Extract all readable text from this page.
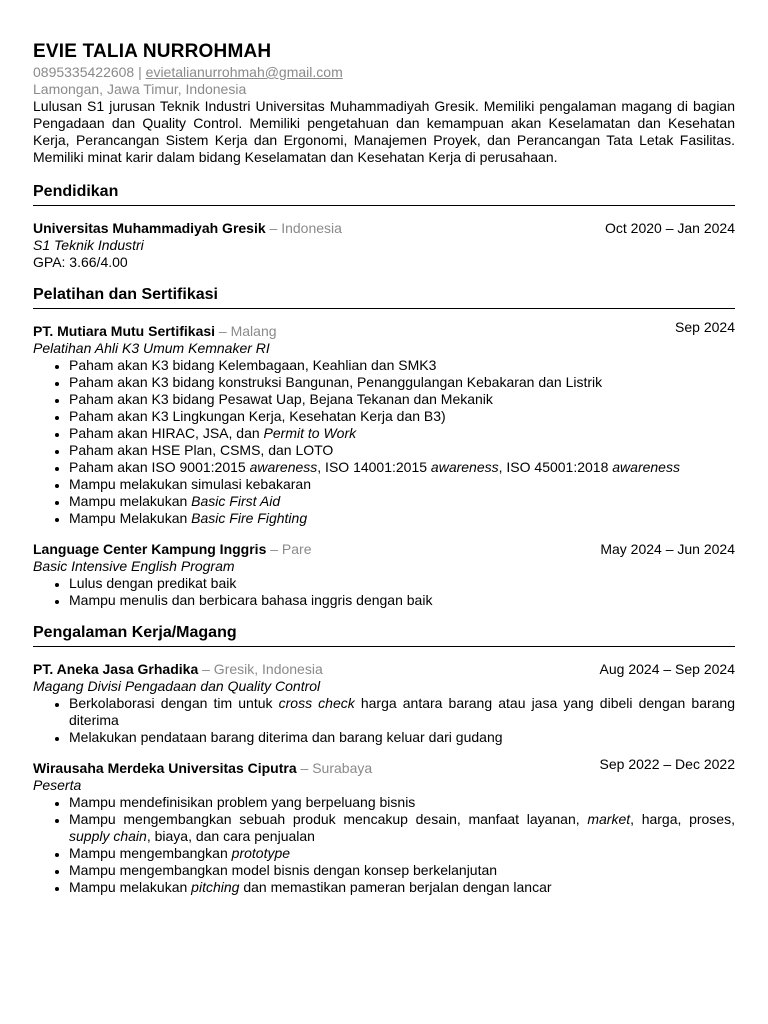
EVIE TALIA NURROHMAH
0895335422608 | evietalianurrohmah@gmail.com
Lamongan, Jawa Timur, Indonesia

Lulusan S1 jurusan Teknik Industri Universitas Muhammadiyah Gresik. Memiliki pengalaman magang di bagian Pengadaan dan Quality Control. Memiliki pengetahuan dan kemampuan akan Keselamatan dan Kesehatan Kerja, Perancangan Sistem Kerja dan Ergonomi, Manajemen Proyek, dan Perancangan Tata Letak Fasilitas. Memiliki minat karir dalam bidang Keselamatan dan Kesehatan Kerja di perusahaan.

Pendidikan
Universitas Muhammadiyah Gresik – Indonesia	Oct 2020 – Jan 2024
S1 Teknik Industri
GPA: 3.66/4.00
Pelatihan dan Sertifikasi
PT. Mutiara Mutu Sertifikasi – Malang	Sep 2024
Pelatihan Ahli K3 Umum Kemnaker RI
• Paham akan K3 bidang Kelembagaan, Keahlian dan SMK3
• Paham akan K3 bidang konstruksi Bangunan, Penanggulangan Kebakaran dan Listrik
• Paham akan K3 bidang Pesawat Uap, Bejana Tekanan dan Mekanik
• Paham akan K3 Lingkungan Kerja, Kesehatan Kerja dan B3)
• Paham akan HIRAC, JSA, dan Permit to Work
• Paham akan HSE Plan, CSMS, dan LOTO
• Paham akan ISO 9001:2015 awareness, ISO 14001:2015 awareness, ISO 45001:2018 awareness
• Mampu melakukan simulasi kebakaran
• Mampu melakukan Basic First Aid
• Mampu Melakukan Basic Fire Fighting
Language Center Kampung Inggris – Pare	May 2024 – Jun 2024
Basic Intensive English Program
• Lulus dengan predikat baik
• Mampu menulis dan berbicara bahasa inggris dengan baik
Pengalaman Kerja/Magang
PT. Aneka Jasa Grhadika – Gresik, Indonesia	Aug 2024 – Sep 2024
Magang Divisi Pengadaan dan Quality Control
• Berkolaborasi dengan tim untuk cross check harga antara barang atau jasa yang dibeli dengan barang diterima
• Melakukan pendataan barang diterima dan barang keluar dari gudang
Wirausaha Merdeka Universitas Ciputra – Surabaya	Sep 2022 – Dec 2022
Peserta
• Mampu mendefinisikan problem yang berpeluang bisnis
• Mampu mengembangkan sebuah produk mencakup desain, manfaat layanan, market, harga, proses, supply chain, biaya, dan cara penjualan
• Mampu mengembangkan prototype
• Mampu mengembangkan model bisnis dengan konsep berkelanjutan
• Mampu melakukan pitching dan memastikan pameran berjalan dengan lancar
